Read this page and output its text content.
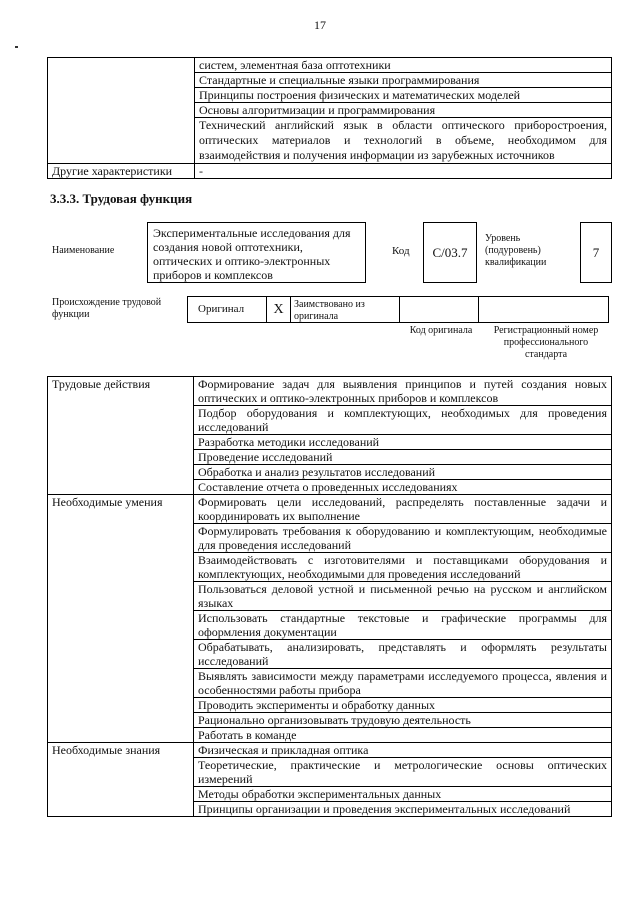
17
	систем, элементная база оптотехники
	Стандартные и специальные языки программирования
	Принципы построения физических и математических моделей
	Основы алгоритмизации и программирования
	Технический английский язык в области оптического приборостроения, оптических материалов и технологий в объеме, необходимом для взаимодействия и получения информации из зарубежных источников
Другие характеристики	-
3.3.3. Трудовая функция
Наименование
Экспериментальные исследования для создания новой оптотехники, оптических и оптико-электронных приборов и комплексов
Код	С/03.7
Уровень (подуровень) квалификации
7
Происхождение трудовой функции	Оригинал	Х	Заимствовано из оригинала
Код оригинала	Регистрационный номер профессионального стандарта
Трудовые действия	Формирование задач для выявления принципов и путей создания новых оптических и оптико-электронных приборов и комплексов
	Подбор оборудования и комплектующих, необходимых для проведения исследований
	Разработка методики исследований
	Проведение исследований
	Обработка и анализ результатов исследований
	Составление отчета о проведенных исследованиях
Необходимые умения	Формировать цели исследований, распределять поставленные задачи и координировать их выполнение
	Формулировать требования к оборудованию и комплектующим, необходимые для проведения исследований
	Взаимодействовать с изготовителями и поставщиками оборудования и комплектующих, необходимыми для проведения исследований
	Пользоваться деловой устной и письменной речью на русском и английском языках
	Использовать стандартные текстовые и графические программы для оформления документации
	Обрабатывать, анализировать, представлять и оформлять результаты исследований
	Выявлять зависимости между параметрами исследуемого процесса, явления и особенностями работы прибора
	Проводить эксперименты и обработку данных
	Рационально организовывать трудовую деятельность
	Работать в команде
Необходимые знания	Физическая и прикладная оптика
	Теоретические, практические и метрологические основы оптических измерений
	Методы обработки экспериментальных данных
	Принципы организации и проведения экспериментальных исследований
